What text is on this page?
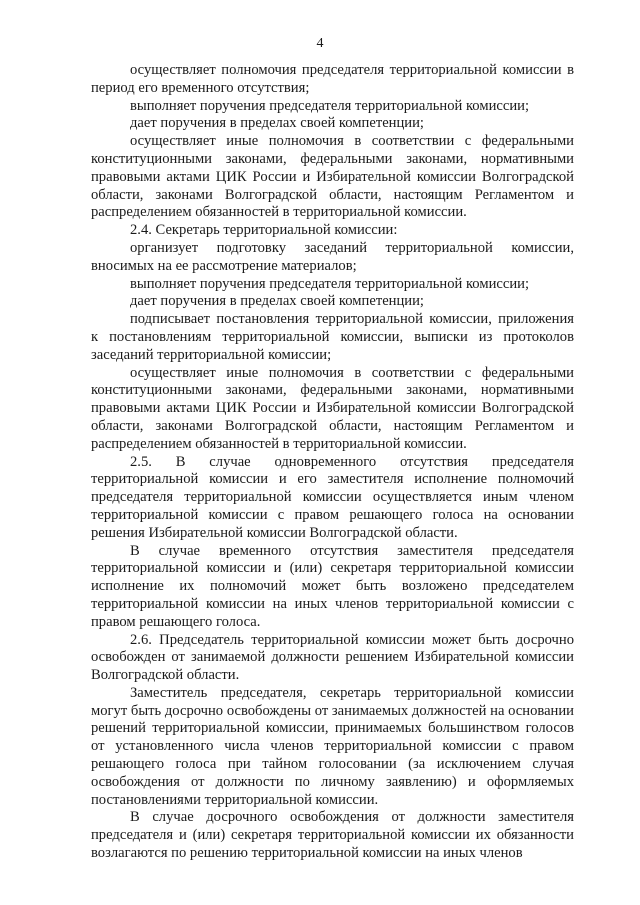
4

осуществляет полномочия председателя территориальной комиссии в период его временного отсутствия;

выполняет поручения председателя территориальной комиссии;

дает поручения в пределах своей компетенции;

осуществляет иные полномочия в соответствии с федеральными конституционными законами, федеральными законами, нормативными правовыми актами ЦИК России и Избирательной комиссии Волгоградской области, законами Волгоградской области, настоящим Регламентом и распределением обязанностей в территориальной комиссии.

2.4. Секретарь территориальной комиссии:

организует подготовку заседаний территориальной комиссии, вносимых на ее рассмотрение материалов;

выполняет поручения председателя территориальной комиссии;

дает поручения в пределах своей компетенции;

подписывает постановления территориальной комиссии, приложения к постановлениям территориальной комиссии, выписки из протоколов заседаний территориальной комиссии;

осуществляет иные полномочия в соответствии с федеральными конституционными законами, федеральными законами, нормативными правовыми актами ЦИК России и Избирательной комиссии Волгоградской области, законами Волгоградской области, настоящим Регламентом и распределением обязанностей в территориальной комиссии.

2.5. В случае одновременного отсутствия председателя территориальной комиссии и его заместителя исполнение полномочий председателя территориальной комиссии осуществляется иным членом территориальной комиссии с правом решающего голоса на основании решения Избирательной комиссии Волгоградской области.

В случае временного отсутствия заместителя председателя территориальной комиссии и (или) секретаря территориальной комиссии исполнение их полномочий может быть возложено председателем территориальной комиссии на иных членов территориальной комиссии с правом решающего голоса.

2.6. Председатель территориальной комиссии может быть досрочно освобожден от занимаемой должности решением Избирательной комиссии Волгоградской области.

Заместитель председателя, секретарь территориальной комиссии могут быть досрочно освобождены от занимаемых должностей на основании решений территориальной комиссии, принимаемых большинством голосов от установленного числа членов территориальной комиссии с правом решающего голоса при тайном голосовании (за исключением случая освобождения от должности по личному заявлению) и оформляемых постановлениями территориальной комиссии.

В случае досрочного освобождения от должности заместителя председателя и (или) секретаря территориальной комиссии их обязанности возлагаются по решению территориальной комиссии на иных членов
